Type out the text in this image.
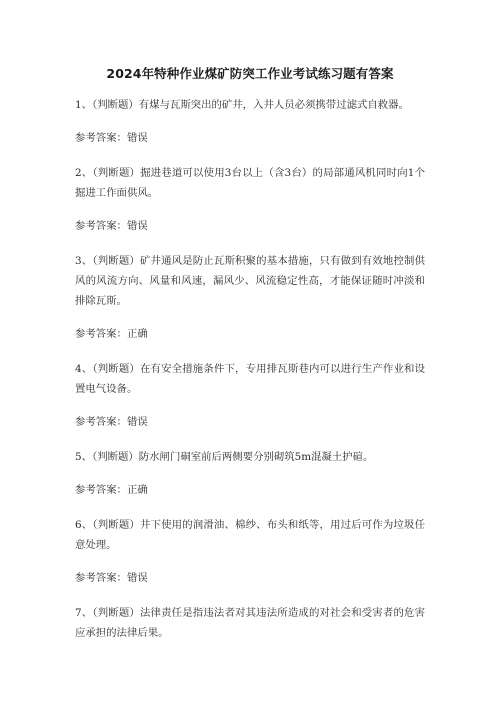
2024年特种作业煤矿防突工作业考试练习题有答案

1、（判断题）有煤与瓦斯突出的矿井，入井人员必须携带过滤式自救器。

参考答案：错误

2、（判断题）掘进巷道可以使用3台以上（含3台）的局部通风机同时向1个掘进工作面供风。

参考答案：错误

3、（判断题）矿井通风是防止瓦斯积聚的基本措施，只有做到有效地控制供风的风流方向、风量和风速，漏风少、风流稳定性高，才能保证随时冲淡和排除瓦斯。

参考答案：正确

4、（判断题）在有安全措施条件下，专用排瓦斯巷内可以进行生产作业和设置电气设备。

参考答案：错误

5、（判断题）防水闸门硐室前后两侧要分别砌筑5m混凝土护碹。

参考答案：正确

6、（判断题）井下使用的润滑油、棉纱、布头和纸等，用过后可作为垃圾任意处理。

参考答案：错误

7、（判断题）法律责任是指违法者对其违法所造成的对社会和受害者的危害应承担的法律后果。
